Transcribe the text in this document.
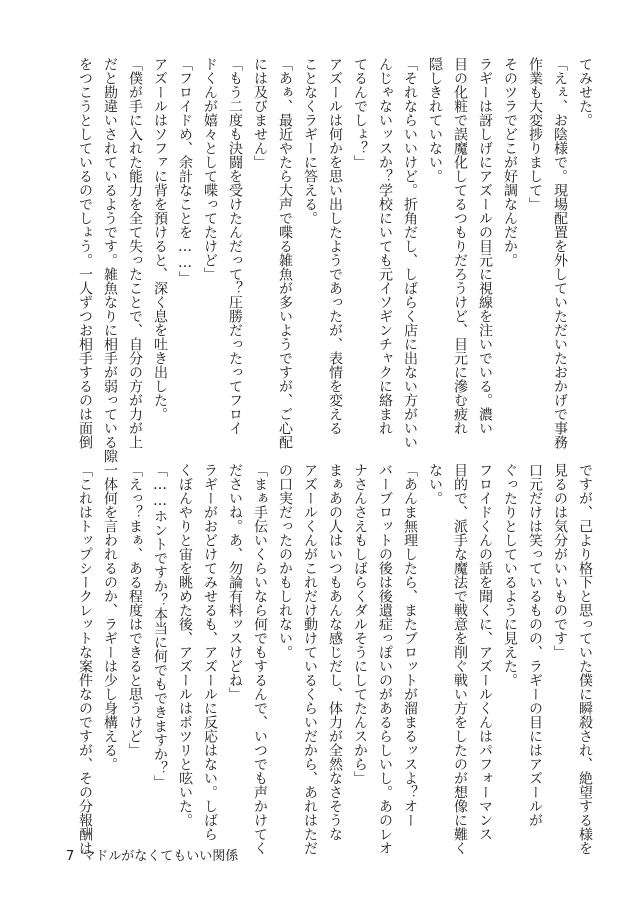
てみせた。

「えぇ、お陰様で。現場配置を外していただいたおかげで事務

作業も大変捗りまして」

そのツラでどこが好調なんだか。

ラギーは訝しげにアズールの目元に視線を注いでいる。濃い

目の化粧で誤魔化してるつもりだろうけど、目元に滲む疲れ

隠しきれていない。

「それならいいけど。折角だし、しばらく店に出ない方がいい

んじゃないッスか？学校にいても元イソギンチャクに絡まれ

てるんでしょ？」

アズールは何かを思い出したようであったが、表情を変える

ことなくラギーに答える。

「あぁ、最近やたら大声で喋る雑魚が多いようですが、ご心配

には及びません」

「もう二度も決闘を受けたんだって？圧勝だったってフロイ

ドくんが嬉々として喋ってたけど」

「フロイドめ、余計なことを……」

アズールはソファに背を預けると、深く息を吐き出した。

「僕が手に入れた能力を全て失ったことで、自分の方が力が上

だと勘違いされているようです。雑魚なりに相手が弱っている隙

をつこうとしているのでしょう。一人ずつお相手するのは面倒

ですが、己より格下と思っていた僕に瞬殺され、絶望する様を

見るのは気分がいいものです」

口元だけは笑っているものの、ラギーの目にはアズールが

ぐったりとしているように見えた。

フロイドくんの話を聞くに、アズールくんはパフォーマンス

目的で、派手な魔法で戦意を削ぐ戦い方をしたのが想像に難く

ない。

「あんま無理したら、またブロットが溜まるッスよ？オー

バーブロットの後は後遺症っぽいのがあるらしいし。あのレオ

ナさんさえもしばらくダルそうにしてたんスから」

まぁあの人はいつもあんな感じだし、体力が全然なさそうな

アズールくんがこれだけ動けているくらいだから、あれはただ

の口実だったのかもしれない。

「まぁ手伝いくらいなら何でもするんで、いつでも声かけてく

ださいね。あ、勿論有料ッスけどね」

ラギーがおどけてみせるも、アズールに反応はない。しばら

くぼんやりと宙を眺めた後、アズールはポツリと呟いた。

「……ホントですか？本当に何でもできますか？」

「えっ？まぁ、ある程度はできると思うけど」

一体何を言われるのか、ラギーは少し身構える。

「これはトップシークレットな案件なのですが、その分報酬は

7 マドルがなくてもいい関係
